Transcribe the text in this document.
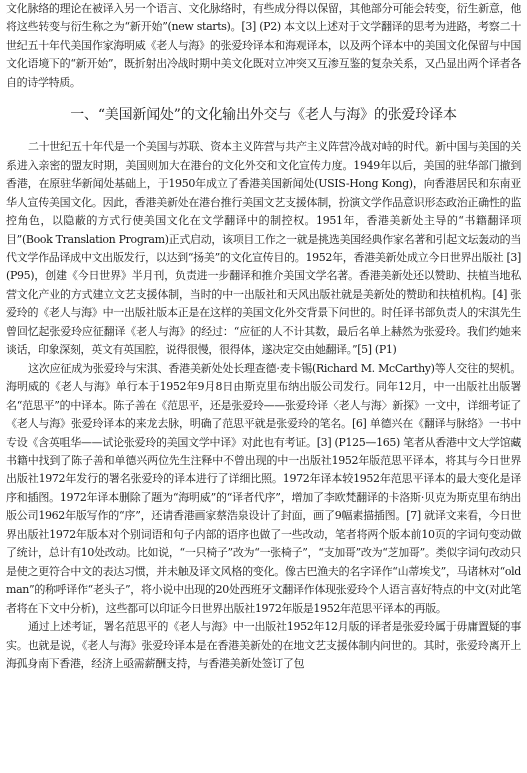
文化脉络的理论在被译入另一个语言、文化脉络时，有些成分得以保留，其他部分可能会转变，衍生新意，他将这些转变与衍生称之为“新开始”(new starts)。[3] (P2) 本文以上述对于文学翻译的思考为进路，考察二十世纪五十年代美国作家海明威《老人与海》的张爱玲译本和海观译本，以及两个译本中的美国文化保留与中国文化语境下的“新开始”，既折射出冷战时期中美文化既对立冲突又互渗互鉴的复杂关系，又凸显出两个译者各自的诗学特质。

一、“美国新闻处”的文化输出外交与《老人与海》的张爱玲译本

二十世纪五十年代是一个美国与苏联、资本主义阵营与共产主义阵营冷战对峙的时代。新中国与美国的关系进入亲密的盟友时期，美国则加大在港台的文化外交和文化宣传力度。1949年以后，美国的驻华部门撤到香港，在原驻华新闻处基础上，于1950年成立了香港美国新闻处(USIS-Hong Kong)，向香港居民和东南亚华人宣传美国文化。因此，香港美新处在港台推行美国文艺支援体制，扮演文学作品意识形态政治正确性的监控角色，以隐蔽的方式行使美国文化在文学翻译中的制控权。1951年，香港美新处主导的“书籍翻译项目”(Book Translation Program)正式启动，该项目工作之一就是挑选美国经典作家名著和引起文坛轰动的当代文学作品译成中文出版发行，以达到“扬美”的文化宣传目的。1952年，香港美新处成立今日世界出版社 [3] (P95)，创建《今日世界》半月刊，负责进一步翻译和推介美国文学名著。香港美新处还以赞助、扶植当地私营文化产业的方式建立文艺支援体制，当时的中一出版社和天风出版社就是美新处的赞助和扶植机构。[4] 张爱玲的《老人与海》中一出版社版本正是在这样的美国文化外交背景下问世的。时任译书部负责人的宋淇先生曾回忆起张爱玲应征翻译《老人与海》的经过：“应征的人不计其数，最后名单上赫然为张爱玲。我们约她来谈话，印象深刻，英文有英国腔，说得很慢，很得体，遂决定交由她翻译。”[5] (P1)

这次应征成为张爱玲与宋淇、香港美新处处长理查德·麦卡锡(Richard M. McCarthy)等人交往的契机。海明威的《老人与海》单行本于1952年9月8日由斯克里布纳出版公司发行。同年12月，中一出版社出版署名“范思平”的中译本。陈子善在《范思平，还是张爱玲——张爱玲译〈老人与海〉新探》一文中，详细考证了《老人与海》张爱玲译本的来龙去脉，明确了范思平就是张爱玲的笔名。[6] 单德兴在《翻译与脉络》一书中专设《含英咀华——试论张爱玲的美国文学中译》对此也有考证。[3] (P125—165) 笔者从香港中文大学馆藏书籍中找到了陈子善和单德兴两位先生注释中不曾出现的中一出版社1952年版范思平译本，将其与今日世界出版社1972年发行的署名张爱玲的译本进行了详细比照。1972年译本较1952年范思平译本的最大变化是译序和插图。1972年译本删除了题为“海明威”的“译者代序”，增加了李欧梵翻译的卡洛斯·贝克为斯克里布纳出版公司1962年版写作的“序”，还请香港画家蔡浩泉设计了封面，画了9幅素描插图。[7] 就译文来看，今日世界出版社1972年版本对个别词语和句子内部的语序也做了一些改动，笔者将两个版本前10页的字词句变动做了统计，总计有10处改动。比如说，“一只椅子”改为“一张椅子”，“支加哥”改为“芝加哥”。类似字词句改动只是使之更符合中文的表达习惯，并未触及译文风格的变化。像古巴渔夫的名字译作“山蒂埃戈”，马诸林对“old man”的称呼译作“老头子”，将小说中出现的20处西班牙文翻译作体现张爱玲个人语言喜好特点的中文(对此笔者将在下文中分析)，这些都可以印证今日世界出版社1972年版是1952年范思平译本的再版。

通过上述考证，署名范思平的《老人与海》中一出版社1952年12月版的译者是张爱玲属于毋庸置疑的事实。也就是说，《老人与海》张爱玲译本是在香港美新处的在地文艺支援体制内问世的。其时，张爱玲离开上海孤身南下香港，经济上亟需薪酬支持，与香港美新处签订了包
